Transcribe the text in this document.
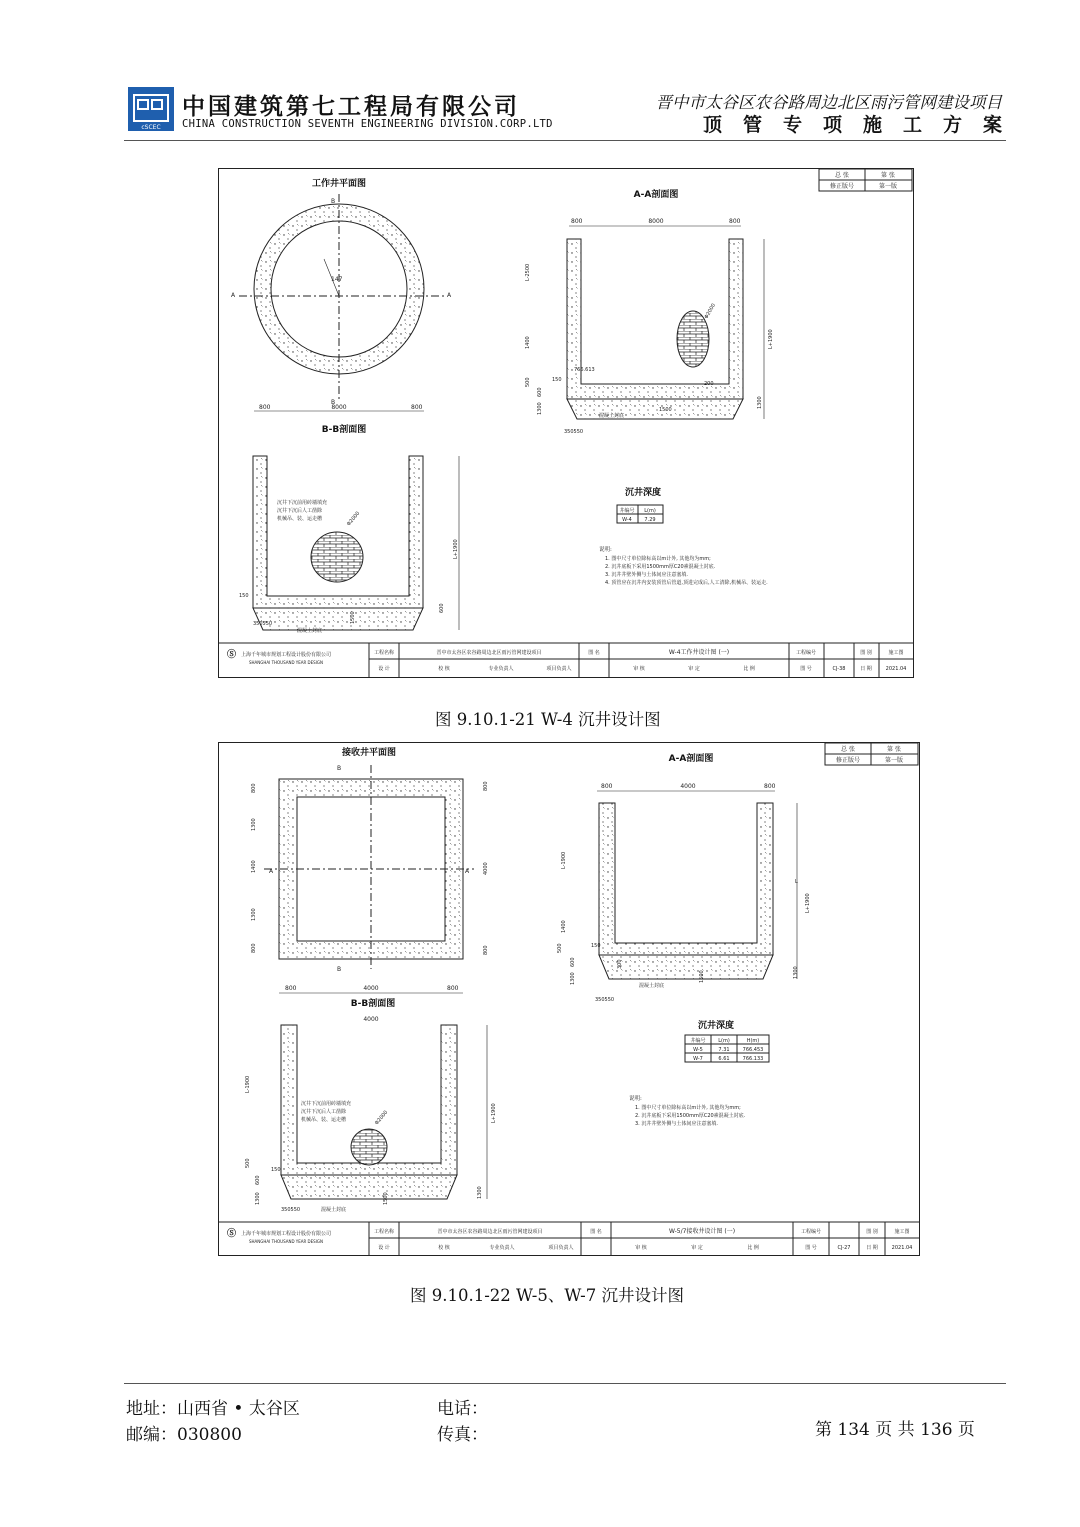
cSCEC
中国建筑第七工程局有限公司
CHINA CONSTRUCTION SEVENTH ENGINEERING DIVISION.CORP.LTD
晋中市太谷区农谷路周边北区雨污管网建设项目
顶管专项施工方案
总 张	第 张
修正版号	第一版
工作井平面图
147
A	A
B
B
800	8000	800
A-A剖面图
800	8000	800
Φ2000
766.613
混凝土封底
1500
200
L-2500
1400
500
600
1300
150
350550
L+1900
1300
B-B剖面图
Φ2000
沉井下沉前用砖墙填充
沉井下沉后人工凿除
机械吊、装、运走槽
150
350550
混凝土封底
1500
L+1900
600
沉井深度
井编号 L(m)
W-4	7.29
说明:
1. 图中尺寸单位除标高以m计外, 其他均为mm;
2. 沉井底板下采用1500mm厚C20素混凝土封底.
3. 沉井井壁外侧与土体间应注意塞填.
4. 顶管应在沉井内安装顶管后管道,顶进完成后,人工清除,机械吊、装运走.
Ⓢ 上海千年城市规划工程设计股份有限公司
SHANGHAI THOUSAND YEAR DESIGN
工程名称	晋中市太谷区农谷路周边北区雨污管网建设项目	图 名	W-4工作井设计图 (一)	工程编号	图 别	施工图
设 计	校 核	专业负责人	项目负责人	审 核	审 定	比 例	图 号	CJ-38	日 期	2021.04
图 9.10.1-21 W-4 沉井设计图
总 张	第 张
修正版号	第一版
接收井平面图
A	A
B
B
800
1300
1400
1300
800
800
4000
800
800	4000	800
A-A剖面图
800	4000	800
混凝土封底
1500
150
350550
300
L-1900
1400
500
600
1300
L
L+1900
1300
B-B剖面图
4000
Φ2000
沉井下沉前用砖墙填充
沉井下沉后人工凿除
机械吊、装、运走槽
150
350550	混凝土封底
1500
L-1900
500
600
1300
L+1900
1300
沉井深度
井编号	L(m)	H(m)
W-5	7.31	766.453
W-7	6.61	766.133
说明:
1. 图中尺寸单位除标高以m计外, 其他均为mm;
2. 沉井底板下采用1500mm厚C20素混凝土封底.
3. 沉井井壁外侧与土体间应注意塞填.
Ⓢ 上海千年城市规划工程设计股份有限公司
SHANGHAI THOUSAND YEAR DESIGN
工程名称	晋中市太谷区农谷路周边北区雨污管网建设项目	图 名	W-5/7接收井设计图 (一)	工程编号	图 别	施工图
设 计	校 核	专业负责人	项目负责人	审 核	审 定	比 例	图 号	CJ-27	日 期	2021.04
图 9.10.1-22 W-5、W-7 沉井设计图
地址：山西省 • 太谷区
邮编：030800
电话：
传真：	第 134 页 共 136 页
